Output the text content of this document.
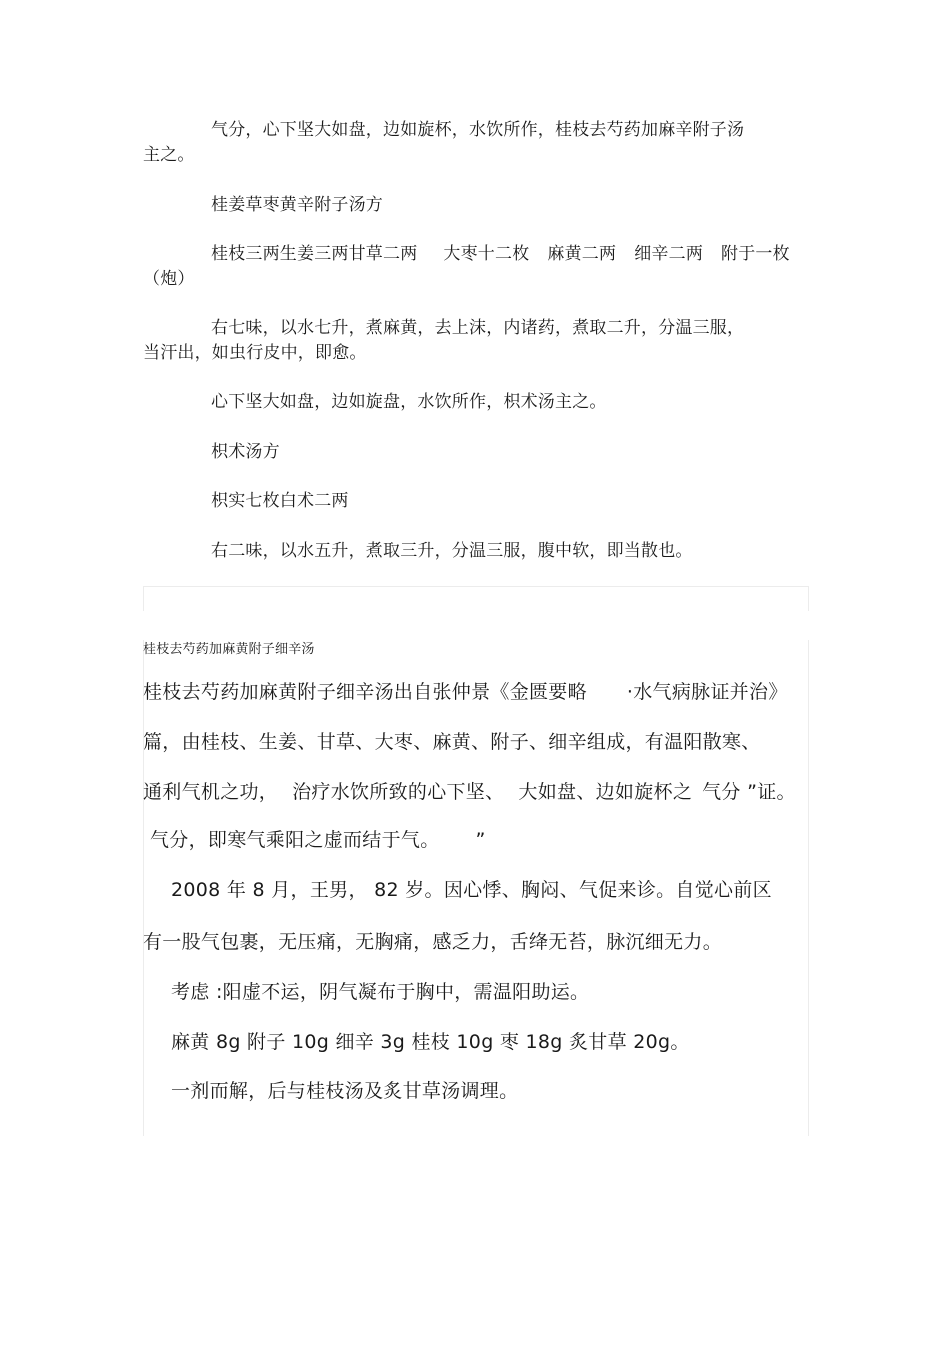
气分，心下坚大如盘，边如旋杯，水饮所作，桂枝去芍药加麻辛附子汤

主之。

桂姜草枣黄辛附子汤方

桂枝三两生姜三两甘草二两 大枣十二枚 麻黄二两 细辛二两 附于一枚

（炮）

右七味，以水七升，煮麻黄，去上沫，内诸药，煮取二升，分温三服，

当汗出，如虫行皮中，即愈。

心下坚大如盘，边如旋盘，水饮所作，枳术汤主之。

枳术汤方

枳实七枚白术二两

右二味，以水五升，煮取三升，分温三服，腹中软，即当散也。

桂枝去芍药加麻黄附子细辛汤

桂枝去芍药加麻黄附子细辛汤出自张仲景《金匮要略 ·水气病脉证并治》

篇，由桂枝、生姜、甘草、大枣、麻黄、附子、细辛组成，有温阳散寒、

通利气机之功， 治疗水饮所致的心下坚、 大如盘、边如旋杯之 气分 ”证。
气分，即寒气乘阳之虚而结于气。 ”

2008 年 8 月，王男， 82 岁。因心悸、胸闷、气促来诊。自觉心前区

有一股气包裹，无压痛，无胸痛，感乏力，舌绛无苔，脉沉细无力。

考虑 :阳虚不运，阴气凝布于胸中，需温阳助运。

麻黄 8g 附子 10g 细辛 3g 桂枝 10g 枣 18g 炙甘草 20g。

一剂而解，后与桂枝汤及炙甘草汤调理。
